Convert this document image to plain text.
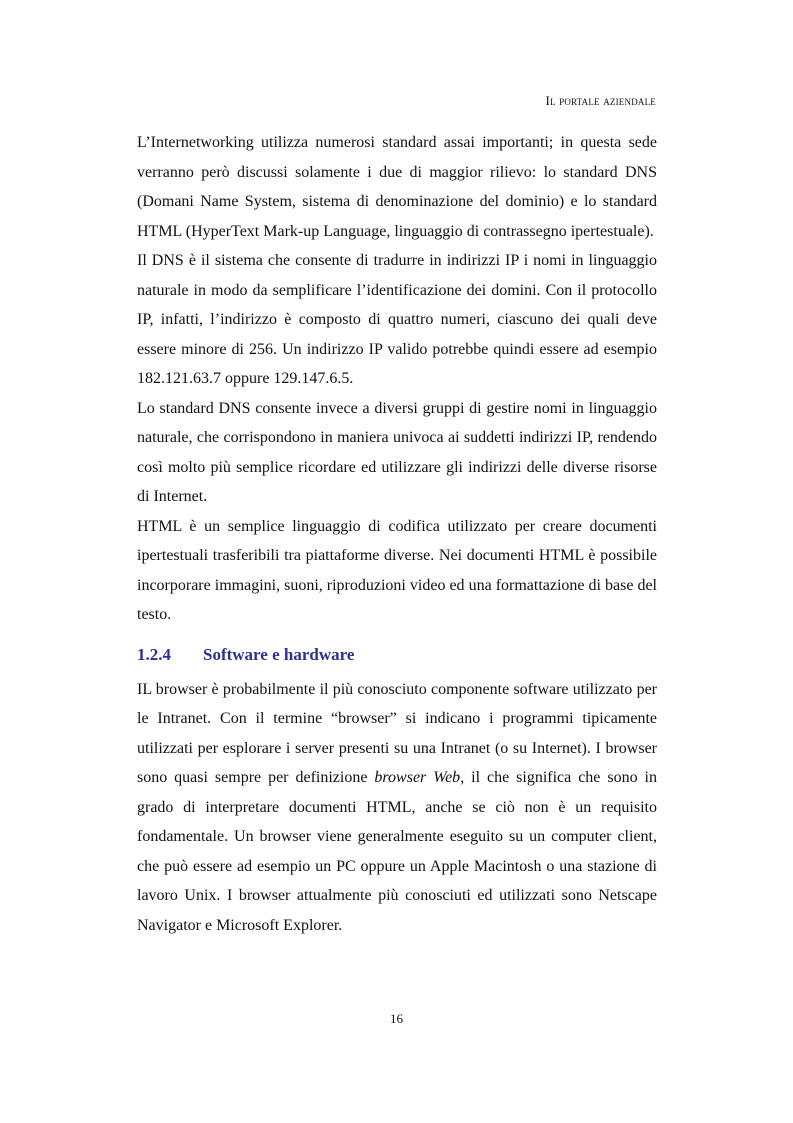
Il portale aziendale

L’Internetworking utilizza numerosi standard assai importanti; in questa sede verranno però discussi solamente i due di maggior rilievo: lo standard DNS (Domani Name System, sistema di denominazione del dominio) e lo standard HTML (HyperText Mark-up Language, linguaggio di contrassegno ipertestuale).

Il DNS è il sistema che consente di tradurre in indirizzi IP i nomi in linguaggio naturale in modo da semplificare l’identificazione dei domini. Con il protocollo IP, infatti, l’indirizzo è composto di quattro numeri, ciascuno dei quali deve essere minore di 256. Un indirizzo IP valido potrebbe quindi essere ad esempio 182.121.63.7 oppure 129.147.6.5.

Lo standard DNS consente invece a diversi gruppi di gestire nomi in linguaggio naturale, che corrispondono in maniera univoca ai suddetti indirizzi IP, rendendo così molto più semplice ricordare ed utilizzare gli indirizzi delle diverse risorse di Internet.

HTML è un semplice linguaggio di codifica utilizzato per creare documenti ipertestuali trasferibili tra piattaforme diverse. Nei documenti HTML è possibile incorporare immagini, suoni, riproduzioni video ed una formattazione di base del testo.

1.2.4 Software e hardware

IL browser è probabilmente il più conosciuto componente software utilizzato per le Intranet. Con il termine “browser” si indicano i programmi tipicamente utilizzati per esplorare i server presenti su una Intranet (o su Internet). I browser sono quasi sempre per definizione browser Web, il che significa che sono in grado di interpretare documenti HTML, anche se ciò non è un requisito fondamentale. Un browser viene generalmente eseguito su un computer client, che può essere ad esempio un PC oppure un Apple Macintosh o una stazione di lavoro Unix. I browser attualmente più conosciuti ed utilizzati sono Netscape Navigator e Microsoft Explorer.

16
